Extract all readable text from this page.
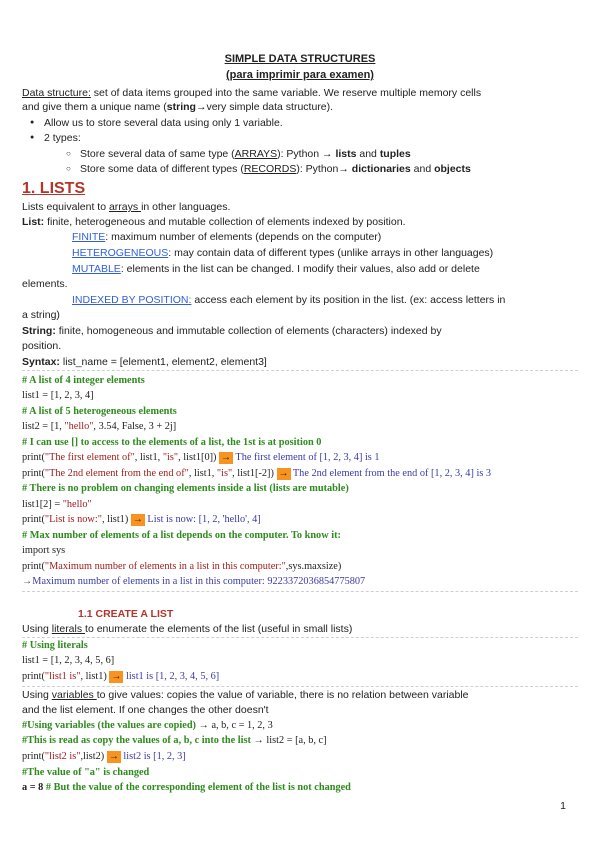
SIMPLE DATA STRUCTURES
(para imprimir para examen)
Data structure: set of data items grouped into the same variable. We reserve multiple memory cells
and give them a unique name (string→very simple data structure).
● Allow us to store several data using only 1 variable.
● 2 types:
○ Store several data of same type (ARRAYS): Python → lists and tuples
○ Store some data of different types (RECORDS): Python→ dictionaries and objects
1. LISTS
Lists equivalent to arrays in other languages.
List: finite, heterogeneous and mutable collection of elements indexed by position.
FINITE: maximum number of elements (depends on the computer)
HETEROGENEOUS: may contain data of different types (unlike arrays in other languages)
MUTABLE: elements in the list can be changed. I modify their values, also add or delete
elements.
INDEXED BY POSITION: access each element by its position in the list. (ex: access letters in
a string)
String: finite, homogeneous and immutable collection of elements (characters) indexed by
position.
Syntax: list_name = [element1, element2, element3]
# A list of 4 integer elements
list1 = [1, 2, 3, 4]
# A list of 5 heterogeneous elements
list2 = [1, "hello", 3.54, False, 3 + 2j]
# I can use [] to access to the elements of a list, the 1st is at position 0
print("The first element of", list1, "is", list1[0]) → The first element of [1, 2, 3, 4] is 1
print("The 2nd element from the end of", list1, "is", list1[-2]) → The 2nd element from the end of [1, 2, 3, 4] is 3
# There is no problem on changing elements inside a list (lists are mutable)
list1[2] = "hello"
print("List is now:", list1) → List is now: [1, 2, 'hello', 4]
# Max number of elements of a list depends on the computer. To know it:
import sys
print("Maximum number of elements in a list in this computer:",sys.maxsize)
→Maximum number of elements in a list in this computer: 9223372036854775807
1.1 CREATE A LIST
Using literals to enumerate the elements of the list (useful in small lists)
# Using literals
list1 = [1, 2, 3, 4, 5, 6]
print("list1 is", list1) → list1 is [1, 2, 3, 4, 5, 6]
Using variables to give values: copies the value of variable, there is no relation between variable
and the list element. If one changes the other doesn't
#Using variables (the values are copied) → a, b, c = 1, 2, 3
#This is read as copy the values of a, b, c into the list → list2 = [a, b, c]
print("list2 is",list2) → list2 is [1, 2, 3]
#The value of "a" is changed
a = 8 # But the value of the corresponding element of the list is not changed
1
